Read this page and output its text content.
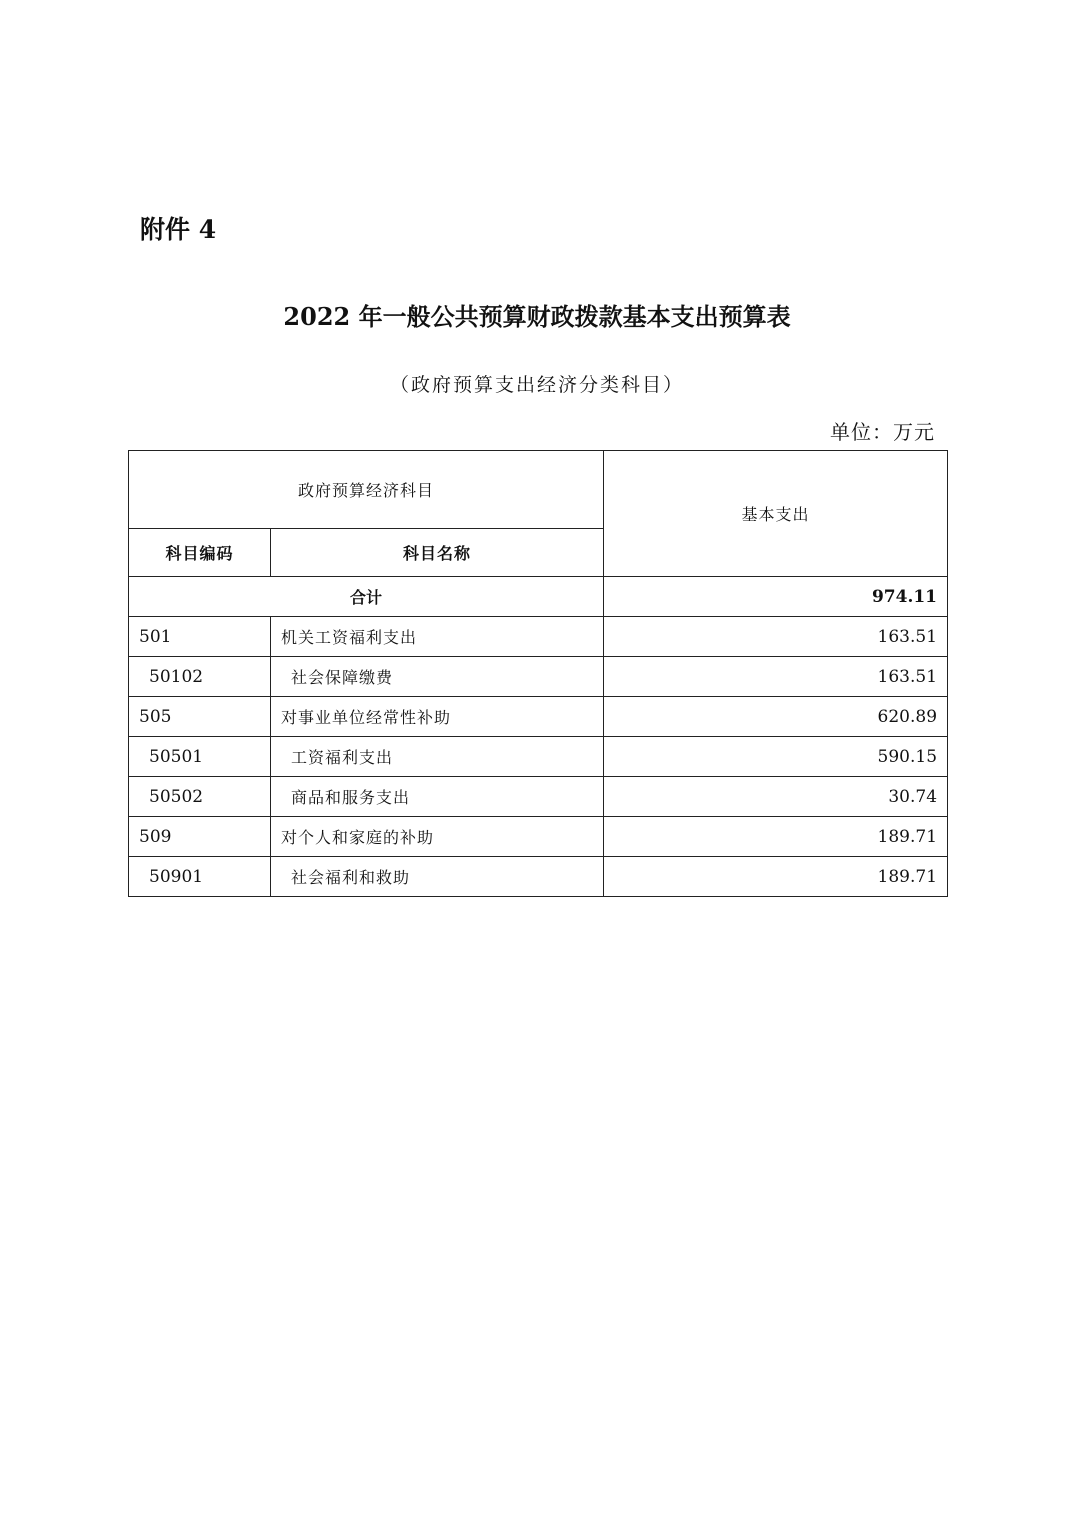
附件 4
2022 年一般公共预算财政拨款基本支出预算表
（政府预算支出经济分类科目）
单位：万元
政府预算经济科目		基本支出
科目编码	科目名称	
合计		974.11
501	机关工资福利支出	163.51
50102	社会保障缴费	163.51
505	对事业单位经常性补助	620.89
50501	工资福利支出	590.15
50502	商品和服务支出	30.74
509	对个人和家庭的补助	189.71
50901	社会福利和救助	189.71
